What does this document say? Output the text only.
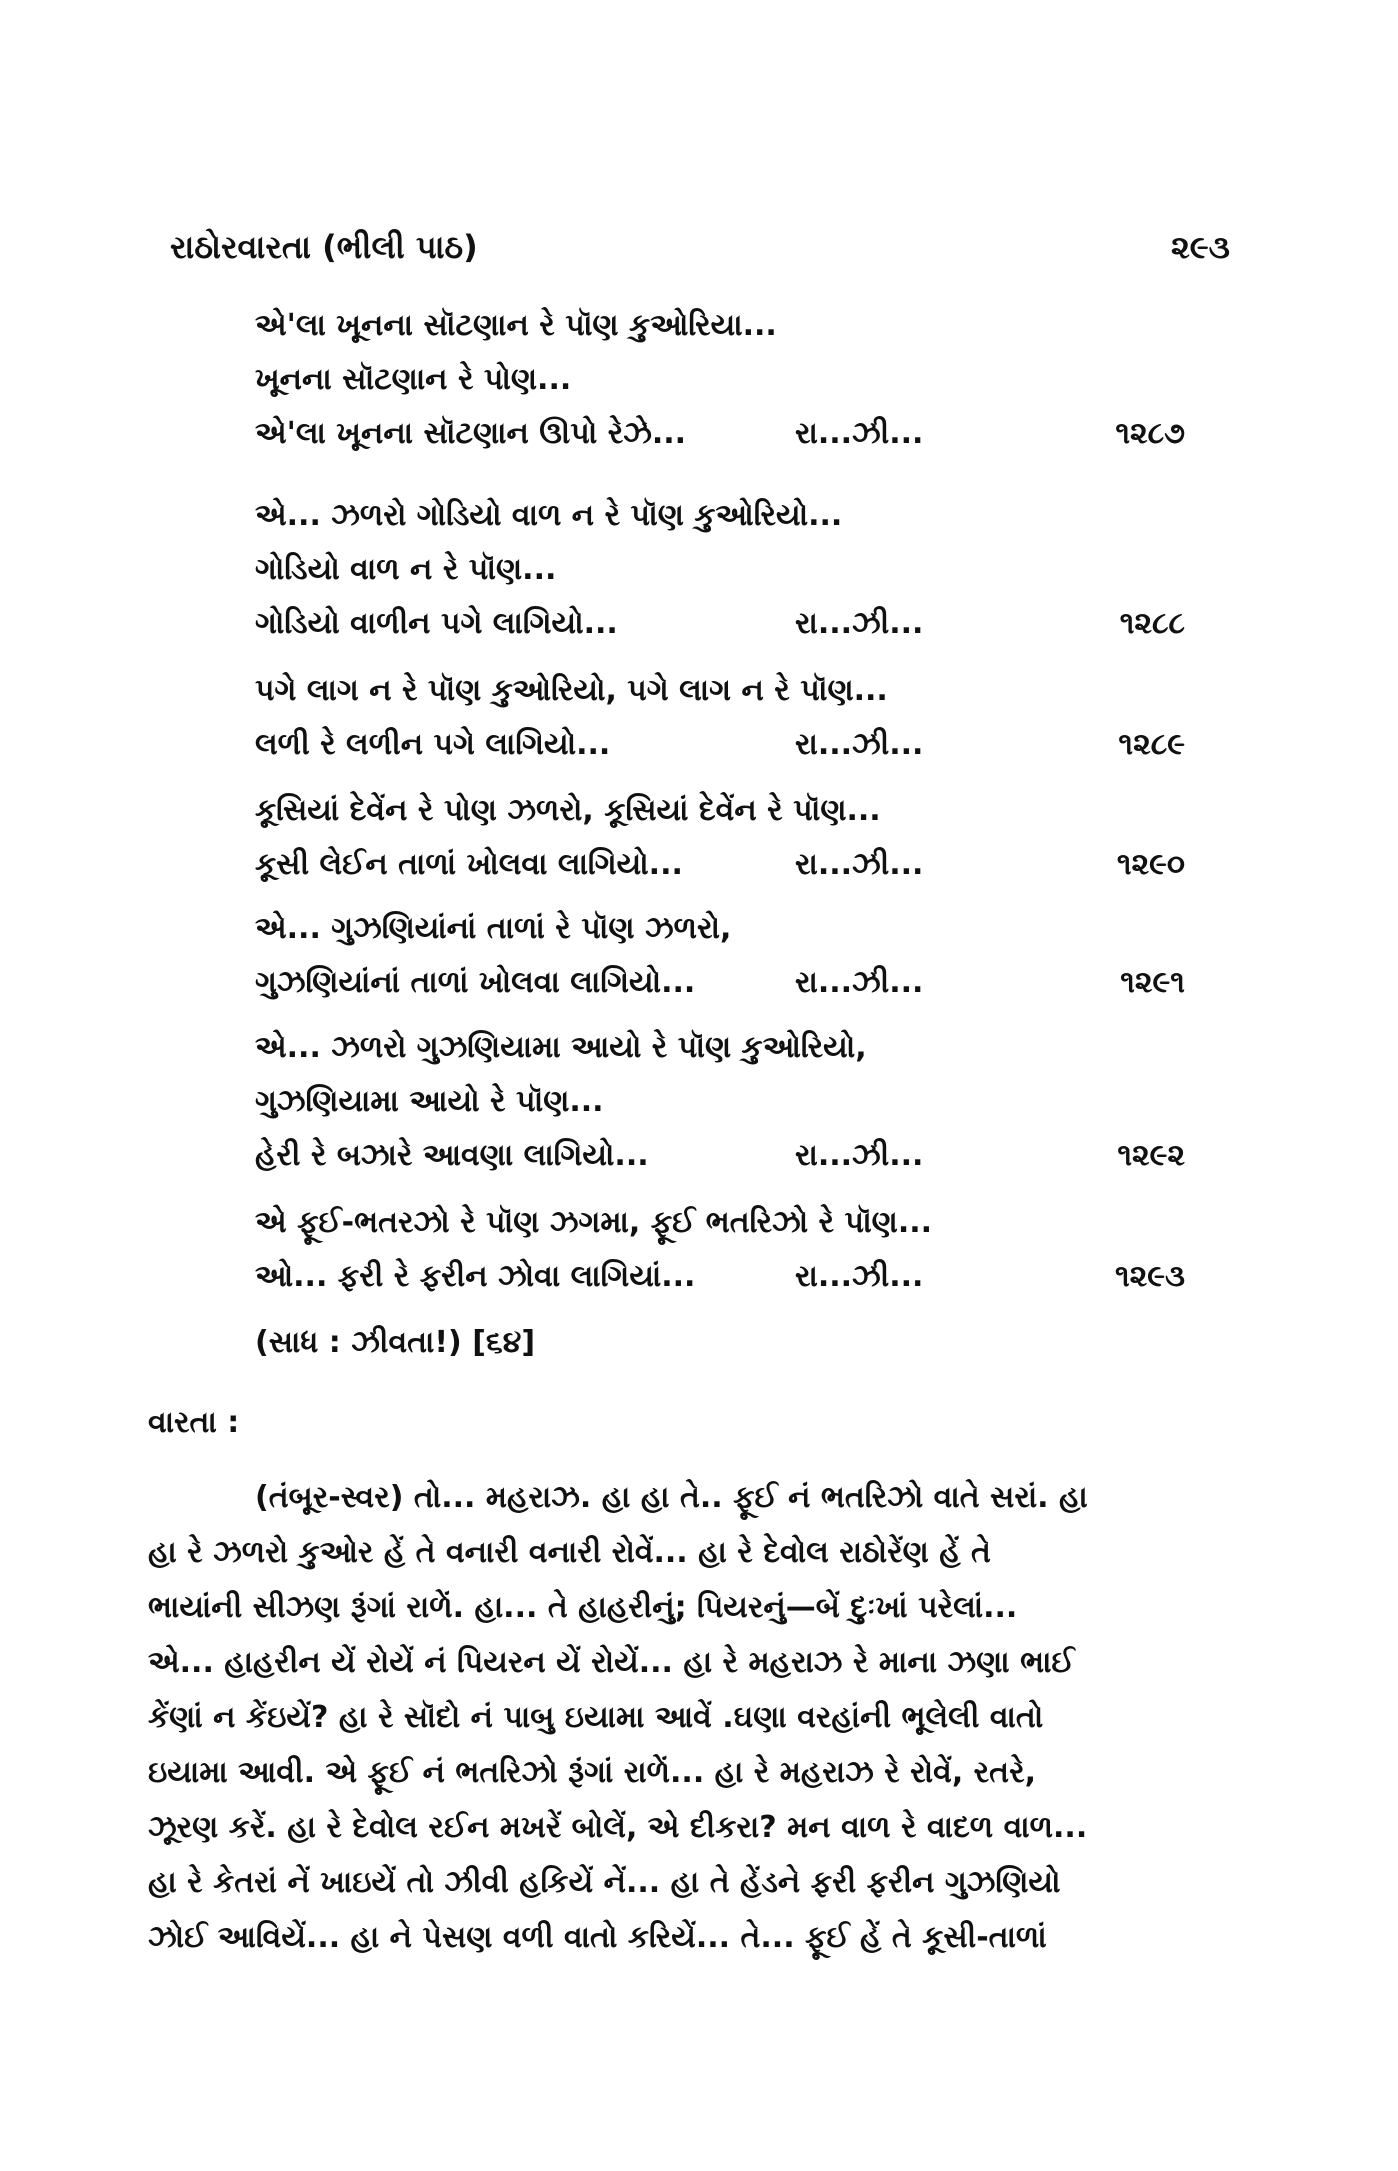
રાઠોરવારતા (ભીલી પાઠ)	૨૯૩
એ'લા ખૂનના સૉટણાન રે પૉણ કુઓરિયા...
ખૂનના સૉટણાન રે પોણ...
એ'લા ખૂનના સૉટણાન ઊપો રેઝે...	રા...ઝી...	૧૨૮૭
એ... ઝળરો ગોડિયો વાળ ન રે પૉણ કુઓરિયો...
ગોડિયો વાળ ન રે પૉણ...
ગોડિયો વાળીન પગે લાગિયો...	રા...ઝી...	૧૨૮૮
પગે લાગ ન રે પૉણ કુઓરિયો, પગે લાગ ન રે પૉણ...
લળી રે લળીન પગે લાગિયો...	રા...ઝી...	૧૨૮૯
કૂસિયાં દેવેંન રે પોણ ઝળરો, કૂસિયાં દેવેંન રે પૉણ...
કૂસી લેઈન તાળાં ખોલવા લાગિયો...	રા...ઝી...	૧૨૯૦
એ... ગુઝણિયાંનાં તાળાં રે પૉણ ઝળરો,
ગુઝણિયાંનાં તાળાં ખોલવા લાગિયો...	રા...ઝી...	૧૨૯૧
એ... ઝળરો ગુઝણિયામા આયો રે પૉણ કુઓરિયો,
ગુઝણિયામા આયો રે પૉણ...
હેરી રે બઝારે આવણા લાગિયો...	રા...ઝી...	૧૨૯૨
એ ફૂઈ-ભતરઝો રે પૉણ ઝગમા, ફૂઈ ભતરિઝો રે પૉણ...
ઓ... ફરી રે ફરીન ઝોવા લાગિયાં...	રા...ઝી...	૧૨૯૩
(સાધ : ઝીવતા!) [૬૪]
વારતા :
(તંબૂર-સ્વર) તો... મહરાઝ. હા હા તે.. ફૂઈ નં ભતરિઝો વાતે સરાં. હા
હા રે ઝળરો કુઓર હેં તે વનારી વનારી રોવેં... હા રે દેવોલ રાઠોરેંણ હેં તે
ભાયાંની સીઝણ રૂંગાં રાળેં. હા... તે હાહરીનું; પિયરનું—બેં દુઃખાં પરેલાં...
એ... હાહરીન યેં રોયેં નં પિયરન યેં રોયેં... હા રે મહરાઝ રે માના ઝણા ભાઈ
કેંણાં ન કેંઇયેં? હા રે સૉદો નં પાબુ ઇયામા આવેં .ઘણા વરહાંની ભૂલેલી વાતો
ઇયામા આવી. એ ફૂઈ નં ભતરિઝો રૂંગાં રાળેં... હા રે મહરાઝ રે રોવેં, રતરે,
ઝૂરણ કરેં. હા રે દેવોલ રઈન મખરેં બોલેં, એ દીકરા? મન વાળ રે વાદળ વાળ...
હા રે કેતરાં નેં ખાઇયેં તો ઝીવી હકિયેં નેં... હા તે હેંડને ફરી ફરીન ગુઝણિયો
ઝોઈ આવિયેં... હા ને પેસણ વળી વાતો કરિયેં... તે... ફૂઈ હેં તે કૂસી-તાળાં
